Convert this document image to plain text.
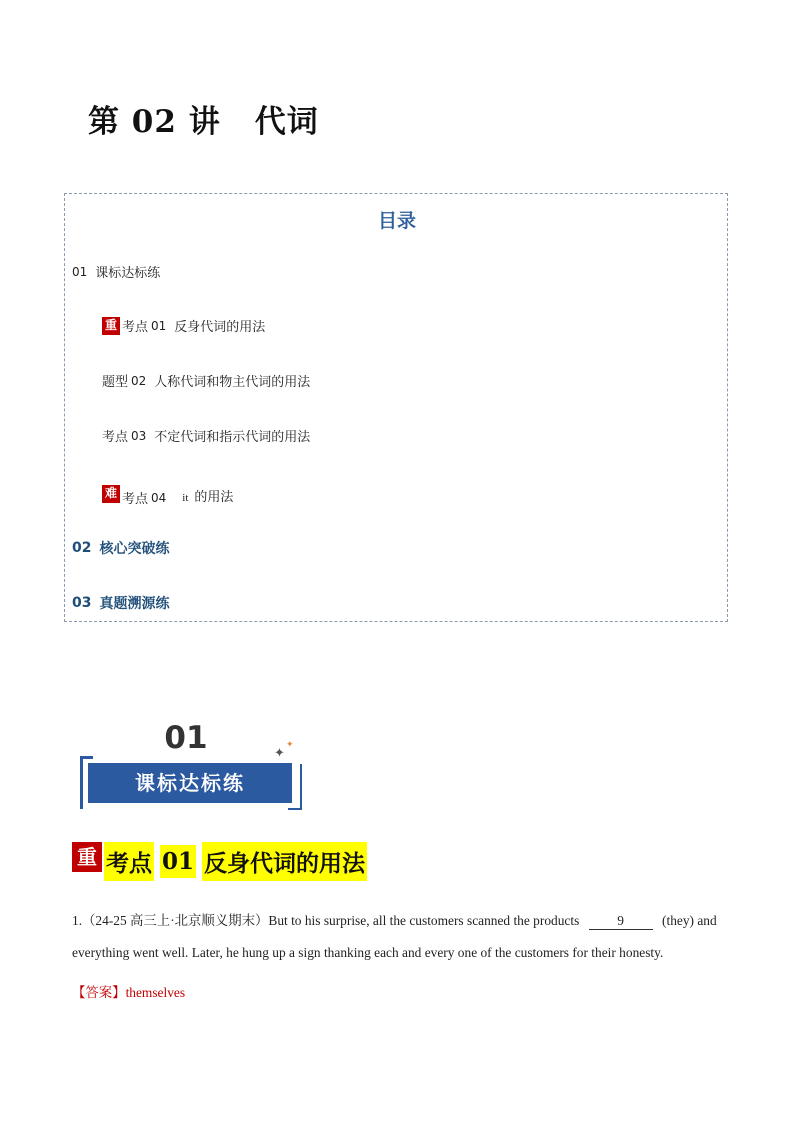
第 02 讲 代词
目录
01 课标达标练
重 考点 01 反身代词的用法
题型 02 人称代词和物主代词的用法
考点 03 不定代词和指示代词的用法
难 考点 04 it 的用法
02 核心突破练
03 真题溯源练
01
课标达标练
✦
✦
重 考点 01 反身代词的用法
1.（24-25 高三上·北京顺义期末）But to his surprise, all the customers scanned the products	9	(they) and everything went well. Later, he hung up a sign thanking each and every one of the customers for their honesty.
【答案】themselves
